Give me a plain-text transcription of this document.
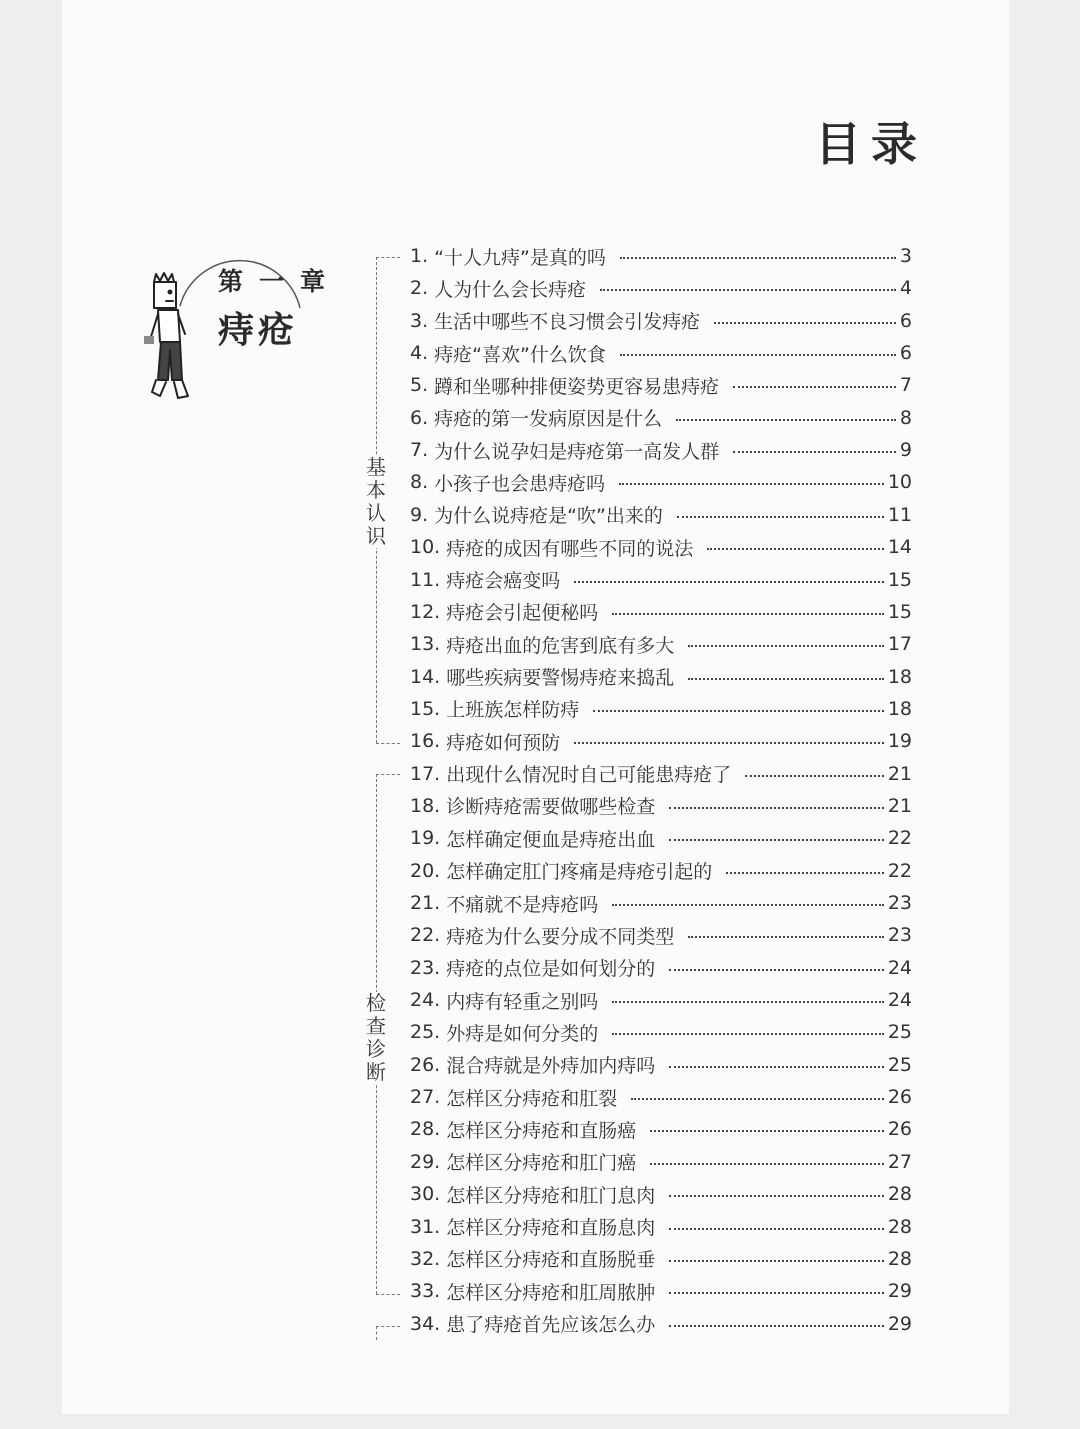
目录
第一章
痔疮
基
本
认
识
检
查
诊
断
1. “十人九痔”是真的吗	3
2. 人为什么会长痔疮	4
3. 生活中哪些不良习惯会引发痔疮	6
4. 痔疮“喜欢”什么饮食	6
5. 蹲和坐哪种排便姿势更容易患痔疮	7
6. 痔疮的第一发病原因是什么	8
7. 为什么说孕妇是痔疮第一高发人群	9
8. 小孩子也会患痔疮吗	10
9. 为什么说痔疮是“吹”出来的	11
10. 痔疮的成因有哪些不同的说法	14
11. 痔疮会癌变吗	15
12. 痔疮会引起便秘吗	15
13. 痔疮出血的危害到底有多大	17
14. 哪些疾病要警惕痔疮来捣乱	18
15. 上班族怎样防痔	18
16. 痔疮如何预防	19
17. 出现什么情况时自己可能患痔疮了	21
18. 诊断痔疮需要做哪些检查	21
19. 怎样确定便血是痔疮出血	22
20. 怎样确定肛门疼痛是痔疮引起的	22
21. 不痛就不是痔疮吗	23
22. 痔疮为什么要分成不同类型	23
23. 痔疮的点位是如何划分的	24
24. 内痔有轻重之别吗	24
25. 外痔是如何分类的	25
26. 混合痔就是外痔加内痔吗	25
27. 怎样区分痔疮和肛裂	26
28. 怎样区分痔疮和直肠癌	26
29. 怎样区分痔疮和肛门癌	27
30. 怎样区分痔疮和肛门息肉	28
31. 怎样区分痔疮和直肠息肉	28
32. 怎样区分痔疮和直肠脱垂	28
33. 怎样区分痔疮和肛周脓肿	29
34. 患了痔疮首先应该怎么办	29
